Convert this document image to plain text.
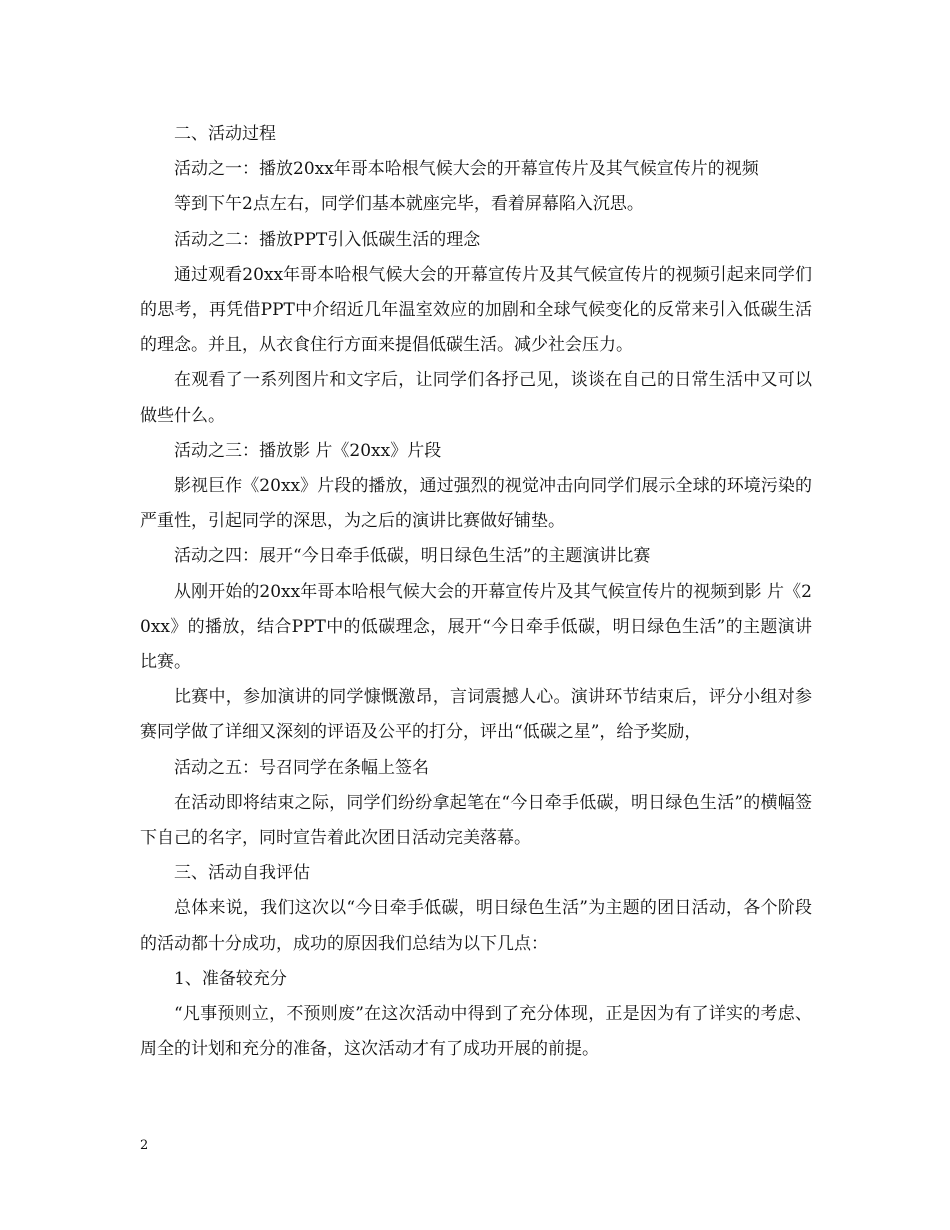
二、活动过程

活动之一：播放20xx年哥本哈根气候大会的开幕宣传片及其气候宣传片的视频

等到下午2点左右，同学们基本就座完毕，看着屏幕陷入沉思。

活动之二：播放PPT引入低碳生活的理念

通过观看20xx年哥本哈根气候大会的开幕宣传片及其气候宣传片的视频引起来同学们的思考，再凭借PPT中介绍近几年温室效应的加剧和全球气候变化的反常来引入低碳生活的理念。并且，从衣食住行方面来提倡低碳生活。减少社会压力。

在观看了一系列图片和文字后，让同学们各抒己见，谈谈在自己的日常生活中又可以做些什么。

活动之三：播放影 片《20xx》片段

影视巨作《20xx》片段的播放，通过强烈的视觉冲击向同学们展示全球的环境污染的严重性，引起同学的深思，为之后的演讲比赛做好铺垫。

活动之四：展开“今日牵手低碳，明日绿色生活”的主题演讲比赛

从刚开始的20xx年哥本哈根气候大会的开幕宣传片及其气候宣传片的视频到影 片《20xx》的播放，结合PPT中的低碳理念，展开“今日牵手低碳，明日绿色生活”的主题演讲比赛。

比赛中，参加演讲的同学慷慨激昂，言词震撼人心。演讲环节结束后，评分小组对参赛同学做了详细又深刻的评语及公平的打分，评出“低碳之星”，给予奖励，

活动之五：号召同学在条幅上签名

在活动即将结束之际，同学们纷纷拿起笔在“今日牵手低碳，明日绿色生活”的横幅签下自己的名字，同时宣告着此次团日活动完美落幕。

三、活动自我评估

总体来说，我们这次以“今日牵手低碳，明日绿色生活”为主题的团日活动，各个阶段的活动都十分成功，成功的原因我们总结为以下几点：

1、准备较充分

“凡事预则立，不预则废”在这次活动中得到了充分体现，正是因为有了详实的考虑、周全的计划和充分的准备，这次活动才有了成功开展的前提。

2
